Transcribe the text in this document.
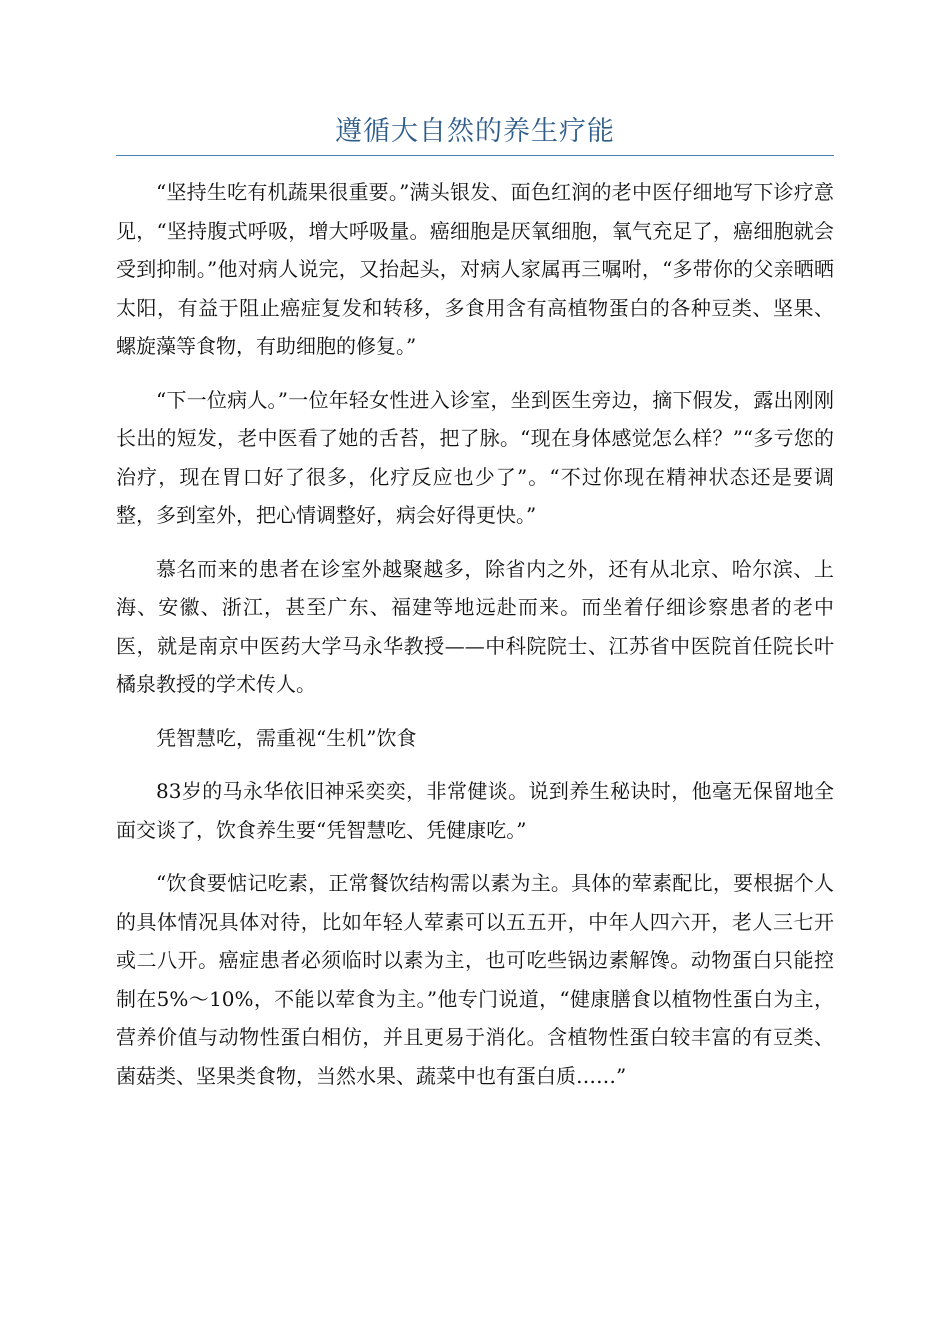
遵循大自然的养生疗能

“坚持生吃有机蔬果很重要。”满头银发、面色红润的老中医仔细地写下诊疗意见，“坚持腹式呼吸，增大呼吸量。癌细胞是厌氧细胞，氧气充足了，癌细胞就会受到抑制。”他对病人说完，又抬起头，对病人家属再三嘱咐，“多带你的父亲晒晒太阳，有益于阻止癌症复发和转移，多食用含有高植物蛋白的各种豆类、坚果、螺旋藻等食物，有助细胞的修复。”

“下一位病人。”一位年轻女性进入诊室，坐到医生旁边，摘下假发，露出刚刚长出的短发，老中医看了她的舌苔，把了脉。“现在身体感觉怎么样？”“多亏您的治疗，现在胃口好了很多，化疗反应也少了”。“不过你现在精神状态还是要调整，多到室外，把心情调整好，病会好得更快。”

慕名而来的患者在诊室外越聚越多，除省内之外，还有从北京、哈尔滨、上海、安徽、浙江，甚至广东、福建等地远赴而来。而坐着仔细诊察患者的老中医，就是南京中医药大学马永华教授——中科院院士、江苏省中医院首任院长叶橘泉教授的学术传人。

凭智慧吃，需重视“生机”饮食

83岁的马永华依旧神采奕奕，非常健谈。说到养生秘诀时，他毫无保留地全面交谈了，饮食养生要“凭智慧吃、凭健康吃。”

“饮食要惦记吃素，正常餐饮结构需以素为主。具体的荤素配比，要根据个人的具体情况具体对待，比如年轻人荤素可以五五开，中年人四六开，老人三七开或二八开。癌症患者必须临时以素为主，也可吃些锅边素解馋。动物蛋白只能控制在5%～10%，不能以荤食为主。”他专门说道，“健康膳食以植物性蛋白为主，营养价值与动物性蛋白相仿，并且更易于消化。含植物性蛋白较丰富的有豆类、菌菇类、坚果类食物，当然水果、蔬菜中也有蛋白质……”
